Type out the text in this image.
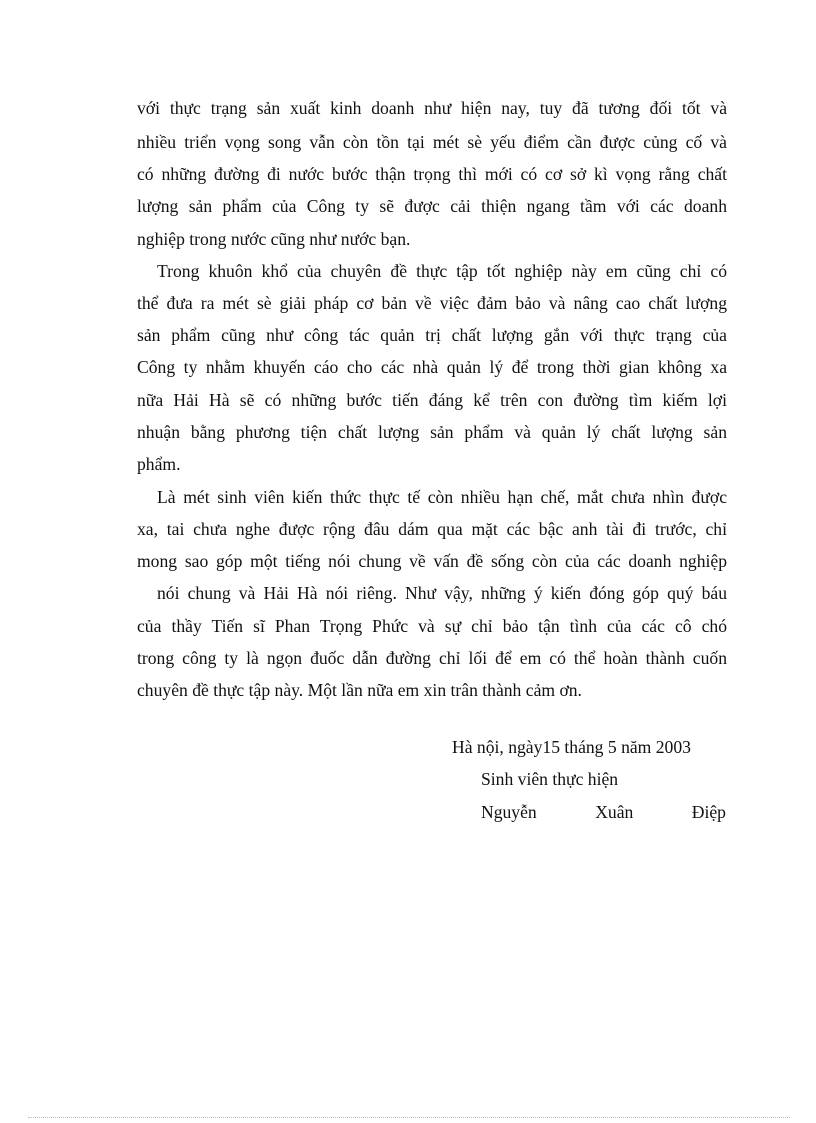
với thực trạng sản xuất kinh doanh như hiện nay, tuy đã tương đối tốt và
nhiều triển vọng song vẫn còn tồn tại mét sè yếu điểm cần được củng cố và
có những đường đi nước bước thận trọng thì mới có cơ sở kì vọng rằng chất
lượng sản phẩm của Công ty sẽ được cải thiện ngang tầm với các doanh
nghiệp trong nước cũng như nước bạn.
Trong khuôn khổ của chuyên đề thực tập tốt nghiệp này em cũng chỉ có
thể đưa ra mét sè giải pháp cơ bản về việc đảm bảo và nâng cao chất lượng
sản phẩm cũng như công tác quản trị chất lượng gắn với thực trạng của
Công ty nhằm khuyến cáo cho các nhà quản lý để trong thời gian không xa
nữa Hải Hà sẽ có những bước tiến đáng kể trên con đường tìm kiếm lợi
nhuận bằng phương tiện chất lượng sản phẩm và quản lý chất lượng sản
phẩm.
Là mét sinh viên kiến thức thực tế còn nhiều hạn chế, mắt chưa nhìn được
xa, tai chưa nghe được rộng đâu dám qua mặt các bậc anh tài đi trước, chỉ
mong sao góp một tiếng nói chung về vấn đề sống còn của các doanh nghiệp
nói chung và Hải Hà nói riêng. Như vậy, những ý kiến đóng góp quý báu
của thầy Tiến sĩ Phan Trọng Phức và sự chỉ bảo tận tình của các cô chó
trong công ty là ngọn đuốc dẫn đường chỉ lối để em có thể hoàn thành cuốn
chuyên đề thực tập này. Một lần nữa em xin trân thành cảm ơn.
Hà nội, ngày15 tháng 5 năm 2003
Sinh viên thực hiện
Nguyễn	Xuân	Điệp
